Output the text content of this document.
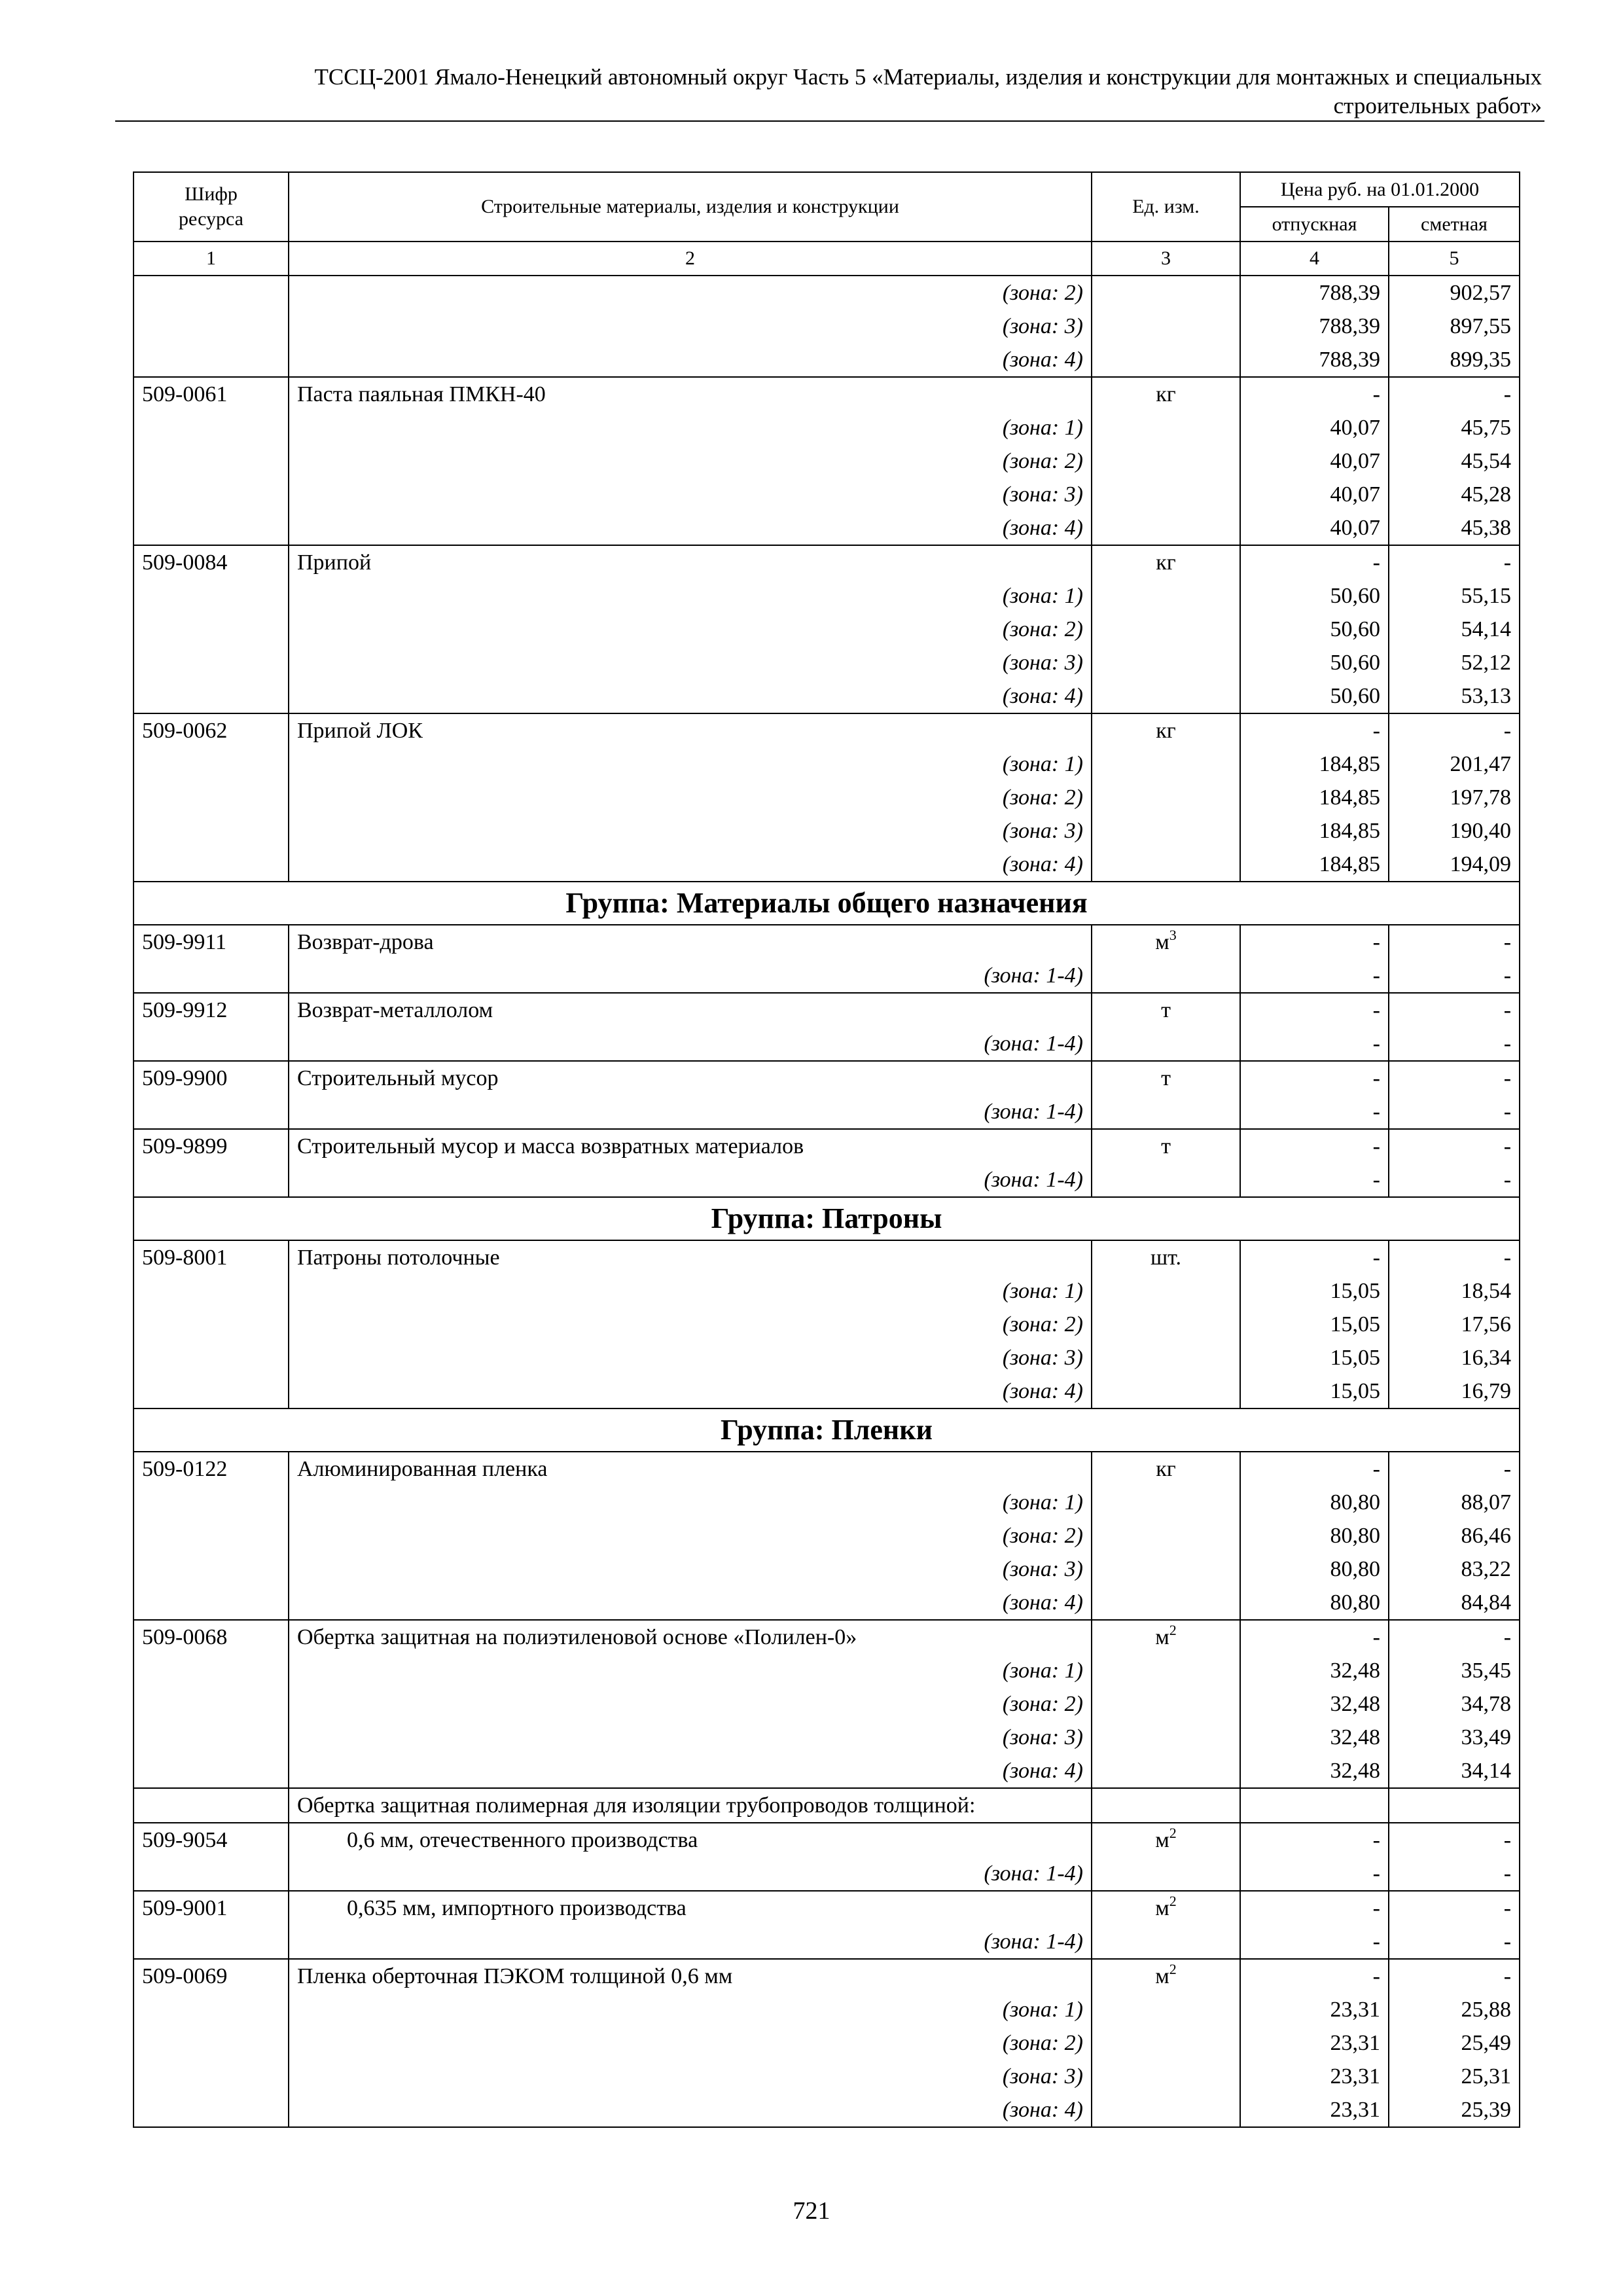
ТССЦ-2001 Ямало-Ненецкий автономный округ Часть 5 «Материалы, изделия и конструкции для монтажных и специальных
строительных работ»
Шифр ресурса	Строительные материалы, изделия и конструкции	Ед. изм.	Цена руб. на 01.01.2000	
			отпускная	сметная
1	2	3	4	5
	(зона: 2)		788,39	902,57
	(зона: 3)		788,39	897,55
	(зона: 4)		788,39	899,35
509-0061	Паста паяльная ПМКН-40	кг	-	-
	(зона: 1)		40,07	45,75
	(зона: 2)		40,07	45,54
	(зона: 3)		40,07	45,28
	(зона: 4)		40,07	45,38
509-0084	Припой	кг	-	-
	(зона: 1)		50,60	55,15
	(зона: 2)		50,60	54,14
	(зона: 3)		50,60	52,12
	(зона: 4)		50,60	53,13
509-0062	Припой ЛОК	кг	-	-
	(зона: 1)		184,85	201,47
	(зона: 2)		184,85	197,78
	(зона: 3)		184,85	190,40
	(зона: 4)		184,85	194,09
Группа: Материалы общего назначения				
509-9911	Возврат-дрова	$м^3$	-	-
	(зона: 1-4)		-	-
509-9912	Возврат-металлолом	т	-	-
	(зона: 1-4)		-	-
509-9900	Строительный мусор	т	-	-
	(зона: 1-4)		-	-
509-9899	Строительный мусор и масса возвратных материалов	т	-	-
	(зона: 1-4)		-	-
Группа: Патроны				
509-8001	Патроны потолочные	шт.	-	-
	(зона: 1)		15,05	18,54
	(зона: 2)		15,05	17,56
	(зона: 3)		15,05	16,34
	(зона: 4)		15,05	16,79
Группа: Пленки				
509-0122	Алюминированная пленка	кг	-	-
	(зона: 1)		80,80	88,07
	(зона: 2)		80,80	86,46
	(зона: 3)		80,80	83,22
	(зона: 4)		80,80	84,84
509-0068	Обертка защитная на полиэтиленовой основе «Полилен-0»	$м^2$	-	-
	(зона: 1)		32,48	35,45
	(зона: 2)		32,48	34,78
	(зона: 3)		32,48	33,49
	(зона: 4)		32,48	34,14
	Обертка защитная полимерная для изоляции трубопроводов толщиной:			
509-9054	0,6 мм, отечественного производства	$м^2$	-	-
	(зона: 1-4)		-	-
509-9001	0,635 мм, импортного производства	$м^2$	-	-
	(зона: 1-4)		-	-
509-0069	Пленка оберточная ПЭКОМ толщиной 0,6 мм	$м^2$	-	-
	(зона: 1)		23,31	25,88
	(зона: 2)		23,31	25,49
	(зона: 3)		23,31	25,31
	(зона: 4)		23,31	25,39
721
